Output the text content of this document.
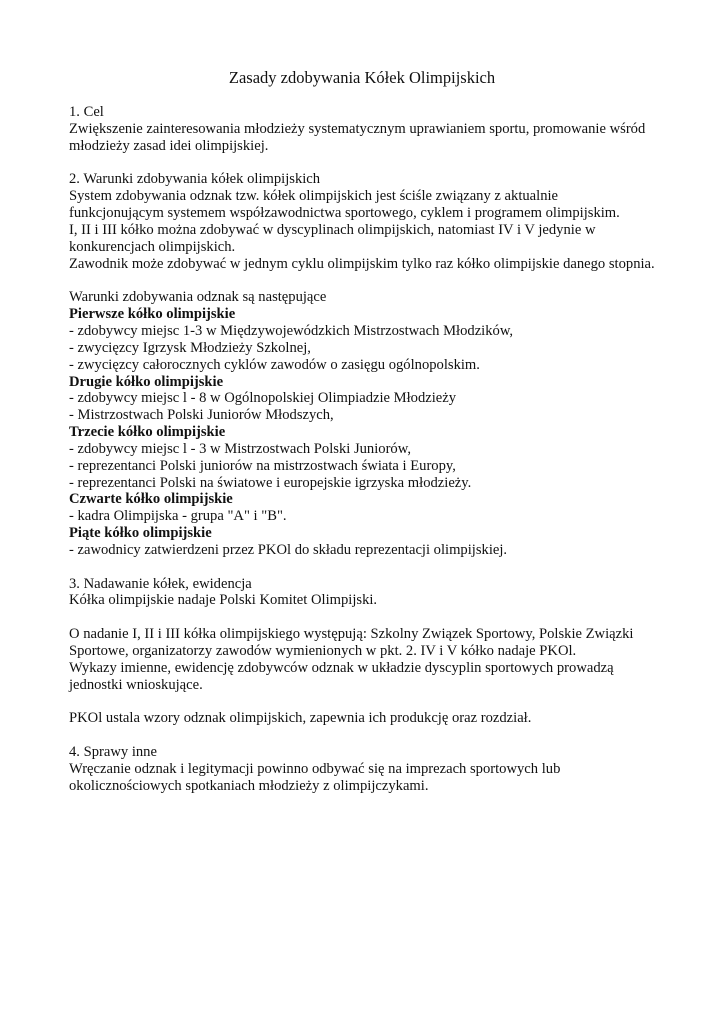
Zasady zdobywania Kółek Olimpijskich
1. Cel
Zwiększenie zainteresowania młodzieży systematycznym uprawianiem sportu, promowanie wśród
młodzieży zasad idei olimpijskiej.
2. Warunki zdobywania kółek olimpijskich
System zdobywania odznak tzw. kółek olimpijskich jest ściśle związany z aktualnie
funkcjonującym systemem współzawodnictwa sportowego, cyklem i programem olimpijskim.
I, II i III kółko można zdobywać w dyscyplinach olimpijskich, natomiast IV i V jedynie w
konkurencjach olimpijskich.
Zawodnik może zdobywać w jednym cyklu olimpijskim tylko raz kółko olimpijskie danego stopnia.
Warunki zdobywania odznak są następujące
Pierwsze kółko olimpijskie
- zdobywcy miejsc 1-3 w Międzywojewódzkich Mistrzostwach Młodzików,
- zwycięzcy Igrzysk Młodzieży Szkolnej,
- zwycięzcy całorocznych cyklów zawodów o zasięgu ogólnopolskim.
Drugie kółko olimpijskie
- zdobywcy miejsc l - 8 w Ogólnopolskiej Olimpiadzie Młodzieży
- Mistrzostwach Polski Juniorów Młodszych,
Trzecie kółko olimpijskie
- zdobywcy miejsc l - 3 w Mistrzostwach Polski Juniorów,
- reprezentanci Polski juniorów na mistrzostwach świata i Europy,
- reprezentanci Polski na światowe i europejskie igrzyska młodzieży.
Czwarte kółko olimpijskie
- kadra Olimpijska - grupa "A" i "B".
Piąte kółko olimpijskie
- zawodnicy zatwierdzeni przez PKOl do składu reprezentacji olimpijskiej.
3. Nadawanie kółek, ewidencja
Kółka olimpijskie nadaje Polski Komitet Olimpijski.
O nadanie I, II i III kółka olimpijskiego występują: Szkolny Związek Sportowy, Polskie Związki
Sportowe, organizatorzy zawodów wymienionych w pkt. 2. IV i V kółko nadaje PKOl.
Wykazy imienne, ewidencję zdobywców odznak w układzie dyscyplin sportowych prowadzą
jednostki wnioskujące.
PKOl ustala wzory odznak olimpijskich, zapewnia ich produkcję oraz rozdział.
4. Sprawy inne
Wręczanie odznak i legitymacji powinno odbywać się na imprezach sportowych lub
okolicznościowych spotkaniach młodzieży z olimpijczykami.
